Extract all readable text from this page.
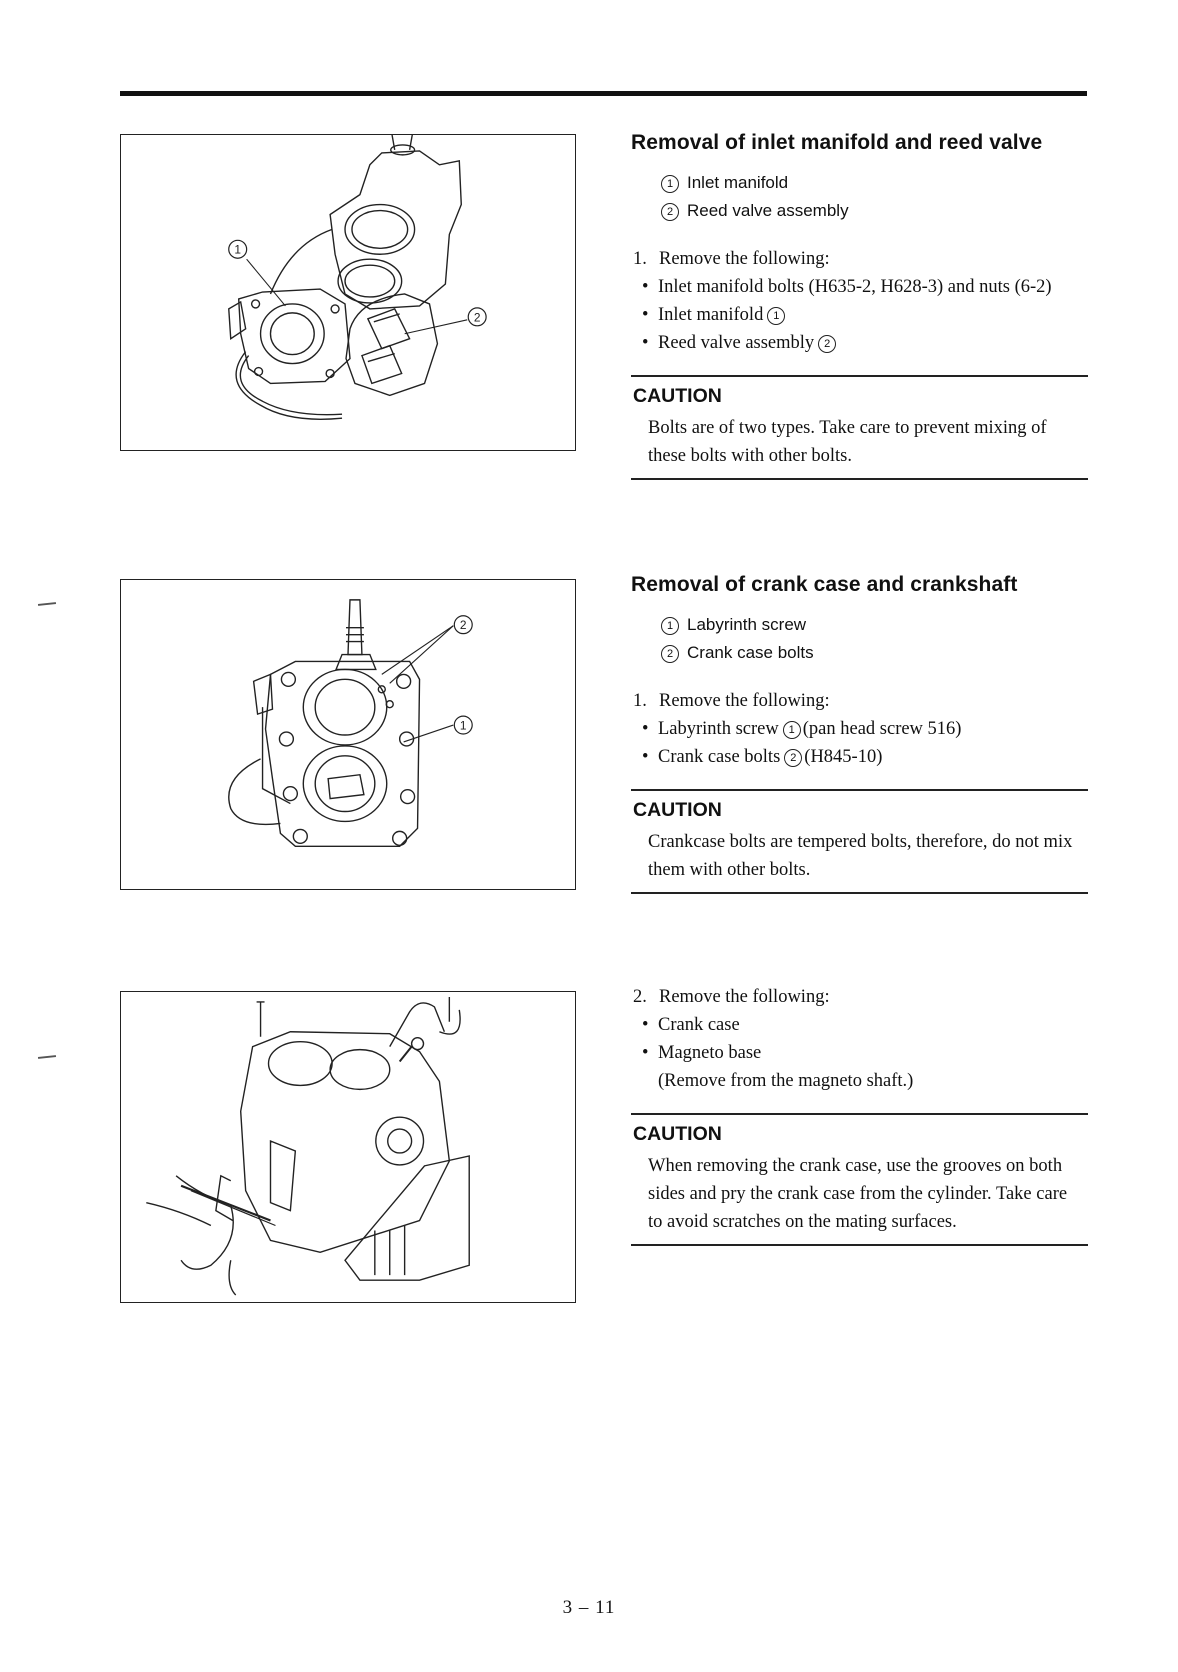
1
2
2
1
Removal of inlet manifold and reed valve
1 Inlet manifold
2 Reed valve assembly
1. Remove the following:
• Inlet manifold bolts (H635-2, H628-3) and nuts (6-2)
• Inlet manifold 1
• Reed valve assembly 2
CAUTION
Bolts are of two types. Take care to prevent mixing of these bolts with other bolts.
Removal of crank case and crankshaft
1 Labyrinth screw
2 Crank case bolts
1. Remove the following:
• Labyrinth screw 1 (pan head screw 516)
• Crank case bolts 2 (H845-10)
CAUTION
Crankcase bolts are tempered bolts, therefore, do not mix them with other bolts.
2. Remove the following:
• Crank case
• Magneto base
(Remove from the magneto shaft.)
CAUTION
When removing the crank case, use the grooves on both sides and pry the crank case from the cylinder. Take care to avoid scratches on the mating surfaces.
3 – 11
